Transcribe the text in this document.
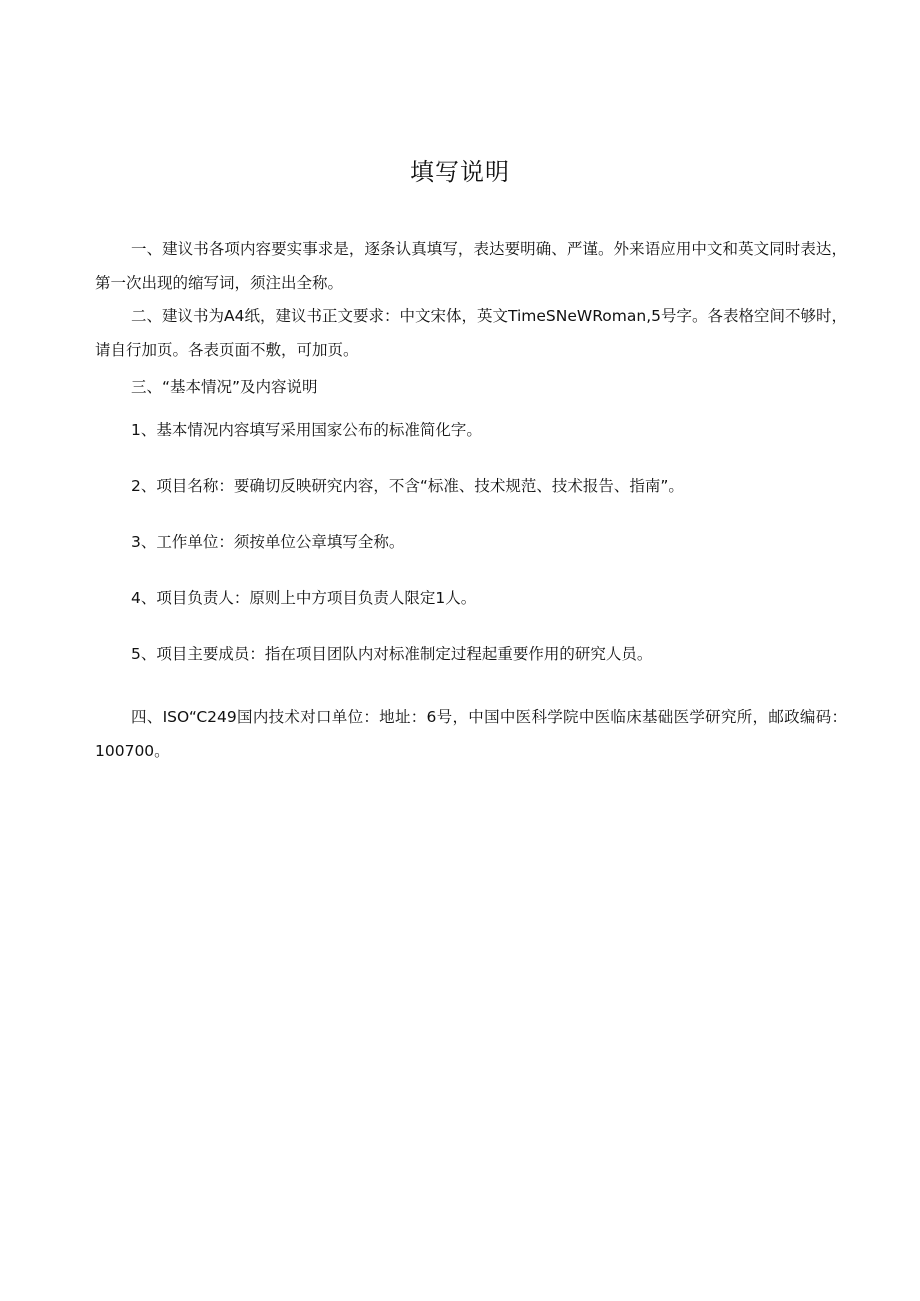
填写说明
一、建议书各项内容要实事求是，逐条认真填写，表达要明确、严谨。外来语应用中文和英文同时表达，第一次出现的缩写词，须注出全称。
二、建议书为A4纸，建议书正文要求：中文宋体，英文TimeSNeWRoman,5号字。各表格空间不够时，请自行加页。各表页面不敷，可加页。
三、“基本情况”及内容说明
1、基本情况内容填写采用国家公布的标准简化字。
2、项目名称：要确切反映研究内容，不含“标准、技术规范、技术报告、指南”。
3、工作单位：须按单位公章填写全称。
4、项目负责人：原则上中方项目负责人限定1人。
5、项目主要成员：指在项目团队内对标准制定过程起重要作用的研究人员。
四、ISO“C249国内技术对口单位：地址：6号，中国中医科学院中医临床基础医学研究所，邮政编码：100700。
